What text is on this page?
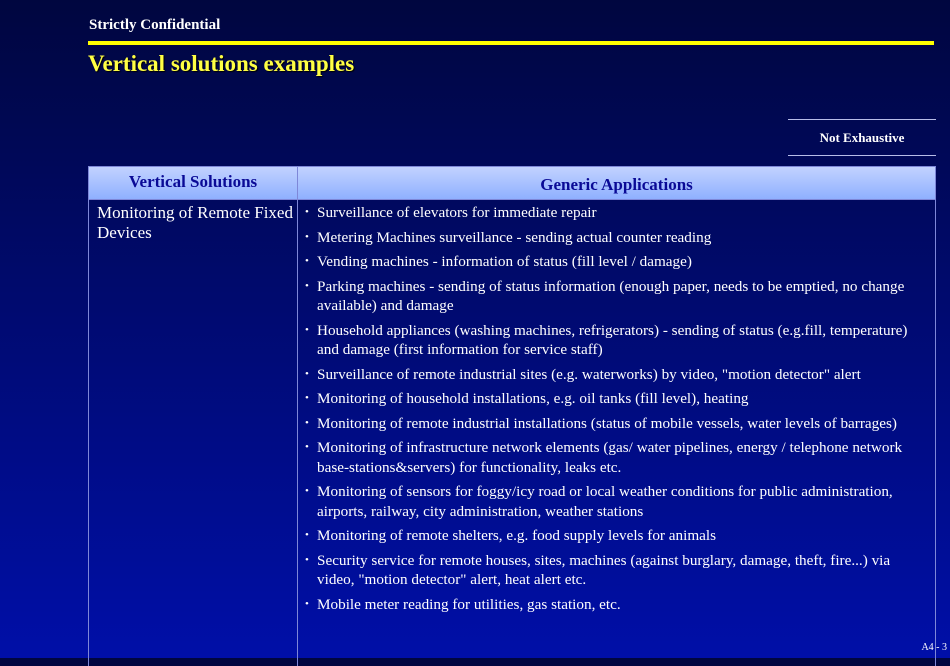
Strictly Confidential
Vertical solutions examples
Not Exhaustive
Vertical Solutions	Generic Applications
Monitoring of Remote Fixed Devices
• Surveillance of elevators for immediate repair
• Metering Machines surveillance - sending actual counter reading
• Vending machines - information of status (fill level / damage)
• Parking machines - sending of status information (enough paper, needs to be emptied, no change available) and damage
• Household appliances (washing machines, refrigerators) - sending of status (e.g.fill, temperature) and damage (first information for service staff)
• Surveillance of remote industrial sites (e.g. waterworks) by video, "motion detector" alert
• Monitoring of household installations, e.g. oil tanks (fill level), heating
• Monitoring of remote industrial installations (status of mobile vessels, water levels of barrages)
• Monitoring of infrastructure network elements (gas/ water pipelines, energy / telephone network base-stations&servers) for functionality, leaks etc.
• Monitoring of sensors for foggy/icy road or local weather conditions for public administration, airports, railway, city administration, weather stations
• Monitoring of remote shelters, e.g. food supply levels for animals
• Security service for remote houses, sites, machines (against burglary, damage, theft, fire...) via video, "motion detector" alert, heat alert etc.
• Mobile meter reading for utilities, gas station, etc.
A4 - 3
